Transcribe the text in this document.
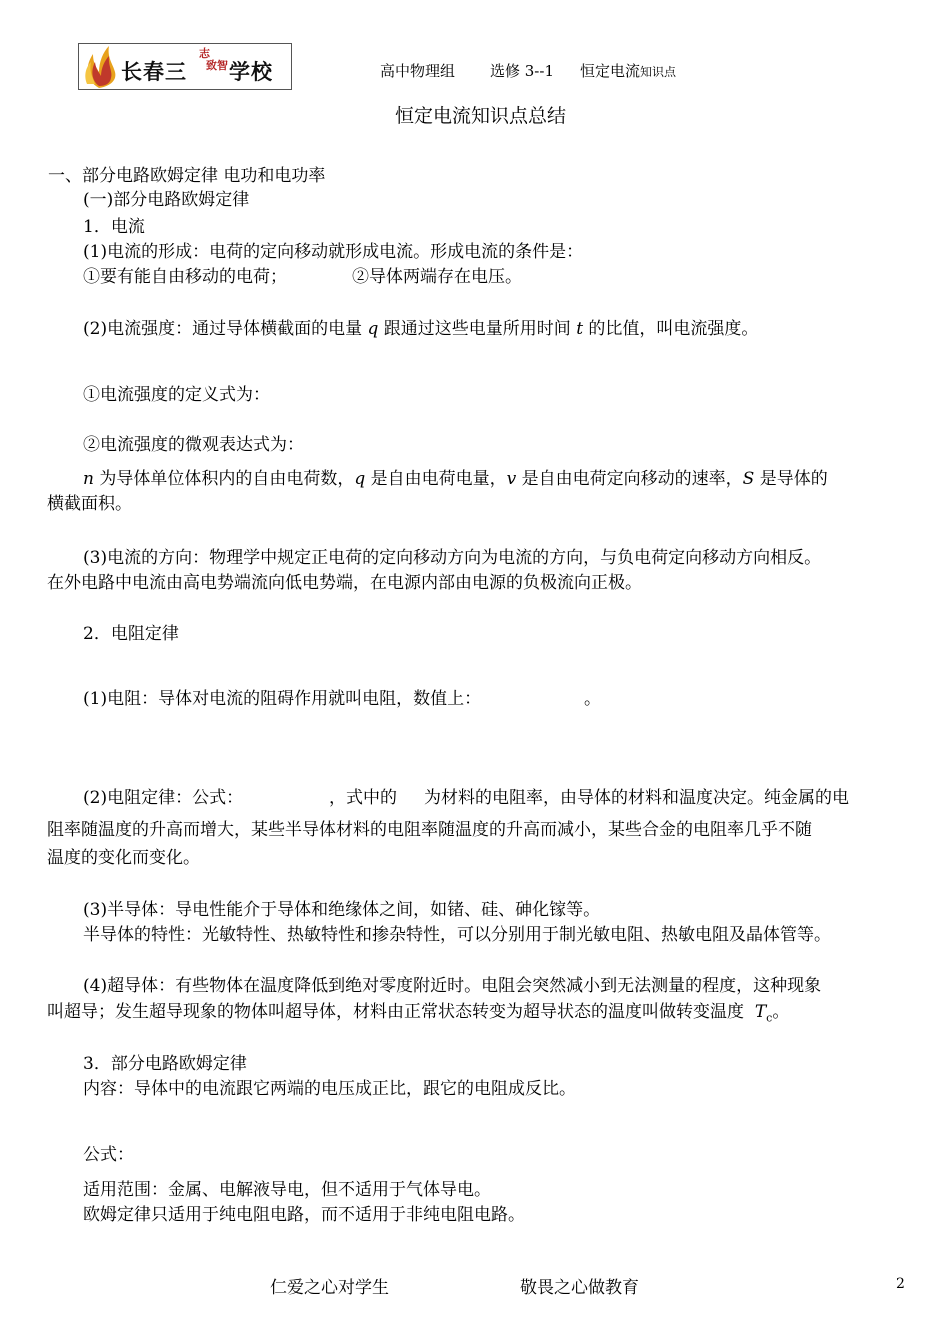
长春三
志
致智 学校	高中物理组 选修 3--1 恒定电流知识点
恒定电流知识点总结
一、部分电路欧姆定律 电功和电功率
(一)部分电路欧姆定律
1．电流
(1)电流的形成：电荷的定向移动就形成电流。形成电流的条件是：
①要有能自由移动的电荷；	②导体两端存在电压。
(2)电流强度：通过导体横截面的电量 q 跟通过这些电量所用时间 t 的比值，叫电流强度。
①电流强度的定义式为：
②电流强度的微观表达式为：
n 为导体单位体积内的自由电荷数，q 是自由电荷电量，v 是自由电荷定向移动的速率，S 是导体的
横截面积。
(3)电流的方向：物理学中规定正电荷的定向移动方向为电流的方向，与负电荷定向移动方向相反。
在外电路中电流由高电势端流向低电势端，在电源内部由电源的负极流向正极。
2．电阻定律
(1)电阻：导体对电流的阻碍作用就叫电阻，数值上：	。
(2)电阻定律：公式：	，式中的 为材料的电阻率，由导体的材料和温度决定。纯金属的电
阻率随温度的升高而增大，某些半导体材料的电阻率随温度的升高而减小，某些合金的电阻率几乎不随
温度的变化而变化。
(3)半导体：导电性能介于导体和绝缘体之间，如锗、硅、砷化镓等。
半导体的特性：光敏特性、热敏特性和掺杂特性，可以分别用于制光敏电阻、热敏电阻及晶体管等。
(4)超导体：有些物体在温度降低到绝对零度附近时。电阻会突然减小到无法测量的程度，这种现象
叫超导；发生超导现象的物体叫超导体，材料由正常状态转变为超导状态的温度叫做转变温度 $T_c$。
3．部分电路欧姆定律
内容：导体中的电流跟它两端的电压成正比，跟它的电阻成反比。
公式：
适用范围：金属、电解液导电，但不适用于气体导电。
欧姆定律只适用于纯电阻电路，而不适用于非纯电阻电路。
仁爱之心对学生	敬畏之心做教育	2
